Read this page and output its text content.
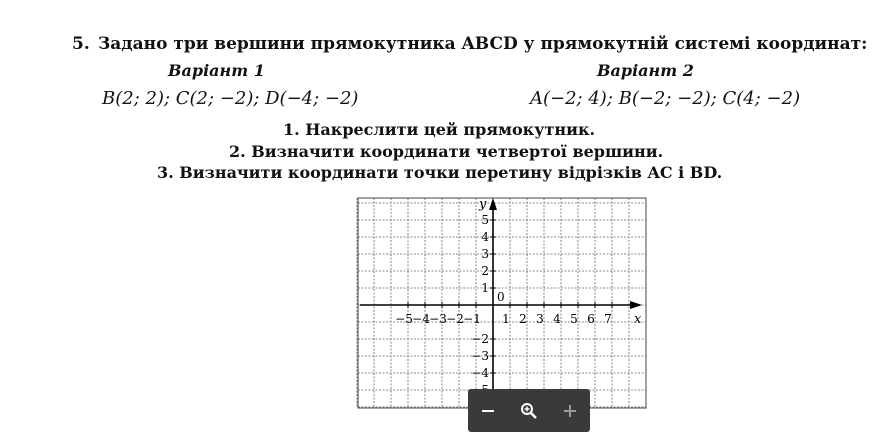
5. Задано три вершини прямокутника ABCD у прямокутній системі координат:
Варіант 1	Варіант 2
B(2; 2); C(2; −2); D(−4; −2)	A(−2; 4); B(−2; −2); C(4; −2)
1. Накреслити цей прямокутник.
2. Визначити координати четвертої вершини.
3. Визначити координати точки перетину відрізків AC і BD.
−5 −4 −3 −2 −1 1 2 3 4 5 6 7
5
4
3
2
1
−2
−3
−4
0
x
y
